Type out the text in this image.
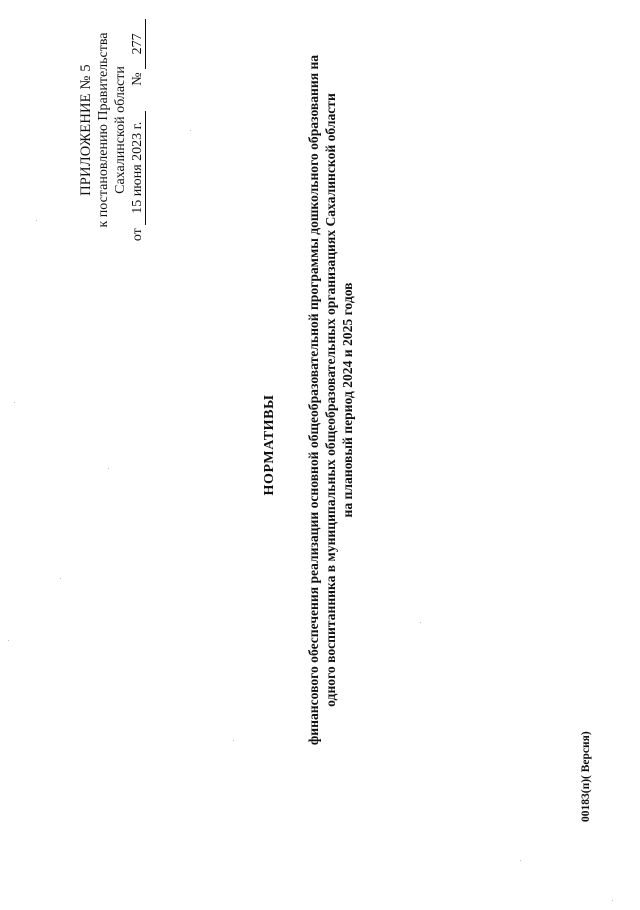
ПРИЛОЖЕНИЕ № 5 к постановлению Правительства Сахалинской области
от 15 июня 2023 г.  № 277
НОРМАТИВЫ финансового обеспечения реализации основной общеобразовательной программы дошкольного образования на одного воспитанника в муниципальных общеобразовательных организациях Сахалинской области на плановый период 2024 и 2025 годов
00183(п)( Версия)
